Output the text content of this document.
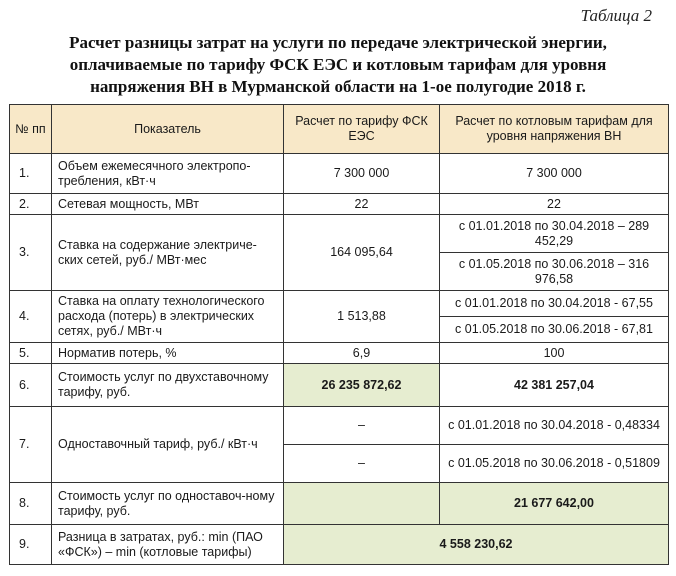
Таблица 2
Расчет разницы затрат на услуги по передаче электрической энергии,
оплачиваемые по тарифу ФСК ЕЭС и котловым тарифам для уровня
напряжения ВН в Мурманской области на 1-ое полугодие 2018 г.
№ пп	Показатель	Расчет по тарифу ФСК ЕЭС	Расчет по котловым тарифам для уровня напряжения ВН
1.	Объем ежемесячного электропо-требления, кВт·ч	7 300 000	7 300 000
2.	Сетевая мощность, МВт	22	22
3.	Ставка на содержание электриче-ских сетей, руб./ МВт·мес	164 095,64	с 01.01.2018 по 30.04.2018 – 289 452,29
			с 01.05.2018 по 30.06.2018 – 316 976,58
4.	Ставка на оплату технологического расхода (потерь) в электрических сетях, руб./ МВт·ч	1 513,88	с 01.01.2018 по 30.04.2018 - 67,55
			с 01.05.2018 по 30.06.2018 - 67,81
5.	Норматив потерь, %	6,9	100
6.	Стоимость услуг по двухставочному тарифу, руб.	26 235 872,62	42 381 257,04
7.	Одноставочный тариф, руб./ кВт·ч	–	с 01.01.2018 по 30.04.2018 - 0,48334
		–	с 01.05.2018 по 30.06.2018 - 0,51809
8.	Стоимость услуг по одноставоч-ному тарифу, руб.		21 677 642,00
9.	Разница в затратах, руб.: min (ПАО «ФСК») – min (котловые тарифы)	4 558 230,62	
